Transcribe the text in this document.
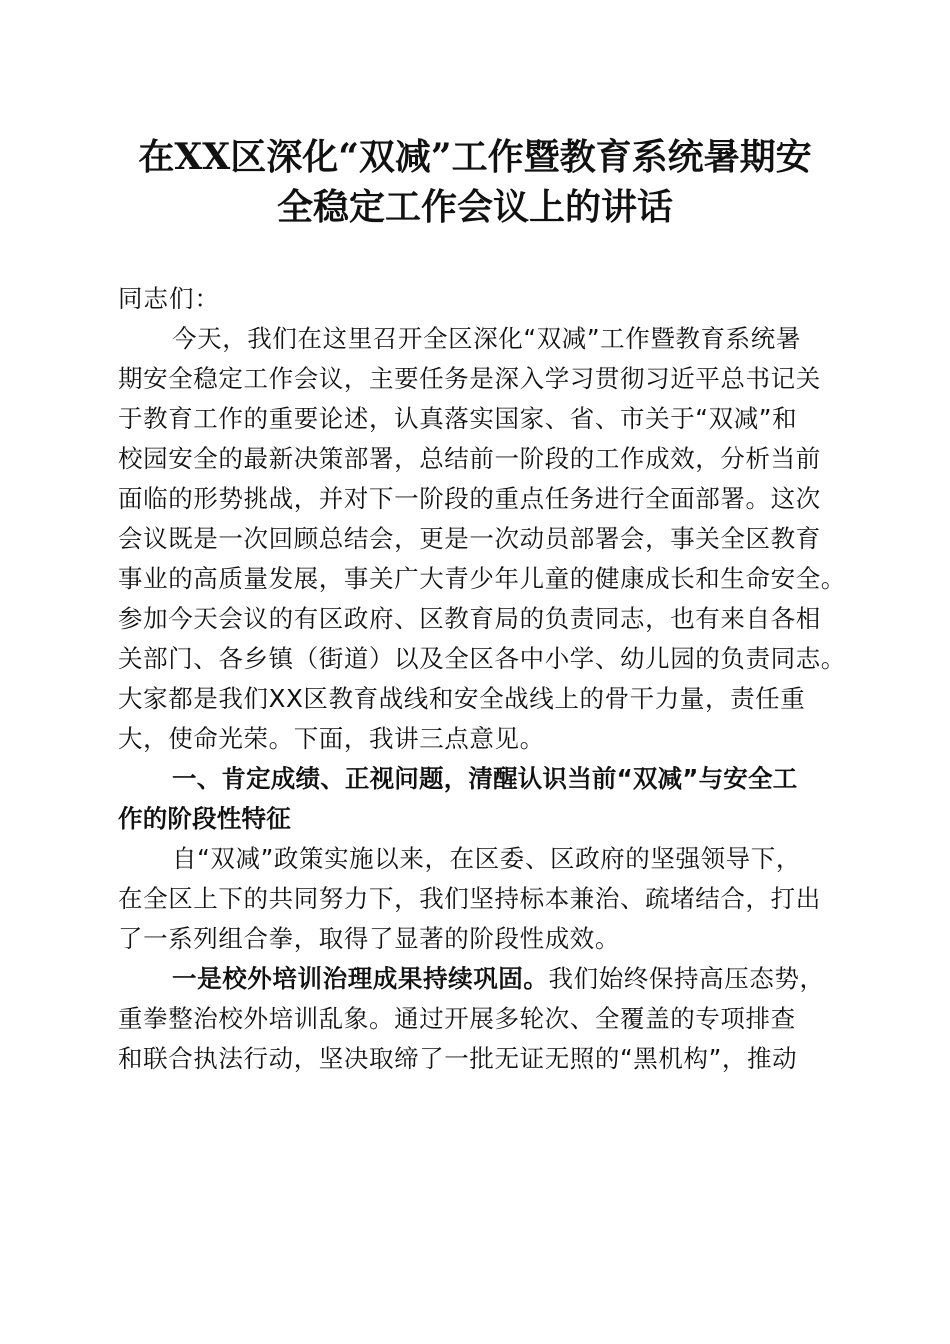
在XX区深化“双减”工作暨教育系统暑期安
全稳定工作会议上的讲话
同志们：
今天，我们在这里召开全区深化“双减”工作暨教育系统暑
期安全稳定工作会议，主要任务是深入学习贯彻习近平总书记关
于教育工作的重要论述，认真落实国家、省、市关于“双减”和
校园安全的最新决策部署，总结前一阶段的工作成效，分析当前
面临的形势挑战，并对下一阶段的重点任务进行全面部署。这次
会议既是一次回顾总结会，更是一次动员部署会，事关全区教育
事业的高质量发展，事关广大青少年儿童的健康成长和生命安全。
参加今天会议的有区政府、区教育局的负责同志，也有来自各相
关部门、各乡镇（街道）以及全区各中小学、幼儿园的负责同志。
大家都是我们XX区教育战线和安全战线上的骨干力量，责任重
大，使命光荣。下面，我讲三点意见。
一、肯定成绩、正视问题，清醒认识当前“双减”与安全工
作的阶段性特征
自“双减”政策实施以来，在区委、区政府的坚强领导下，
在全区上下的共同努力下，我们坚持标本兼治、疏堵结合，打出
了一系列组合拳，取得了显著的阶段性成效。
一是校外培训治理成果持续巩固。我们始终保持高压态势，
重拳整治校外培训乱象。通过开展多轮次、全覆盖的专项排查
和联合执法行动，坚决取缔了一批无证无照的“黑机构”，推动
